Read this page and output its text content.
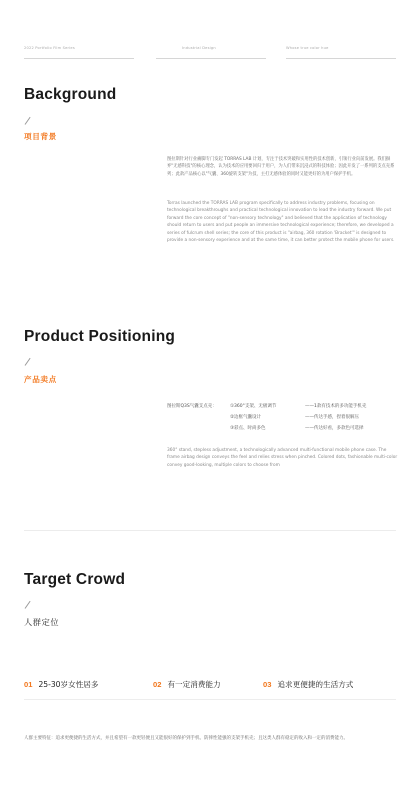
2022 Portfolio Film Series	Industrial Design	Whose true color hue
Background
项目背景
图拉斯针对行业痛脚专门发起 TORRAS LAB 计划，专注于技术突破和实用性的技术创新，引领行业向前发展。我们摒弃"无感科技"的核心理念，认为技术的应用要回归于用户，为人们带来沉浸式的科技体验；因此开发了一系列的支点壳系列；此款产品核心以"气囊、360旋转支架"为技，主打无感体验的同时又能更好的为用户保护手机。
Torras launched the TORRAS LAB program specifically to address industry problems, focusing on technological breakthroughs and practical technological innovation to lead the industry forward. We put forward the core concept of "non-sensory technology" and believed that the application of technology should return to users and put people an immersive technological experience; therefore, we developed a series of fulcrum shell series; the core of this product is "airbag, 360 rotation 'Bracket'" is designed to provide a non-sensory experience and at the same time, it can better protect the mobile phone for users.
Product Positioning
产品卖点
图拉斯Q3S气囊支点壳：	①360°支架、无极调节	——1款有技术的多功能手机壳
②边框气囊设计	——传达手感，捏着很解压
③彩点、时尚多色	——传达好看，多款色可选择
360° stand, stepless adjustment, a technologically advanced multi-functional mobile phone case. The frame airbag design conveys the feel and relies stress when pinched. Colored dots, fashionable multi-color convey good-looking, multiple colors to choose from
Target Crowd
人群定位
01 25-30岁女性居多	02 有一定消费能力	03 追求更便捷的生活方式
人群主要特征：追求更便捷的生活方式，并且希望有一款更轻便且又能很好的保护到手机、防摔性能强的支架手机壳；且这类人群有稳定的收入和一定的消费能力。
